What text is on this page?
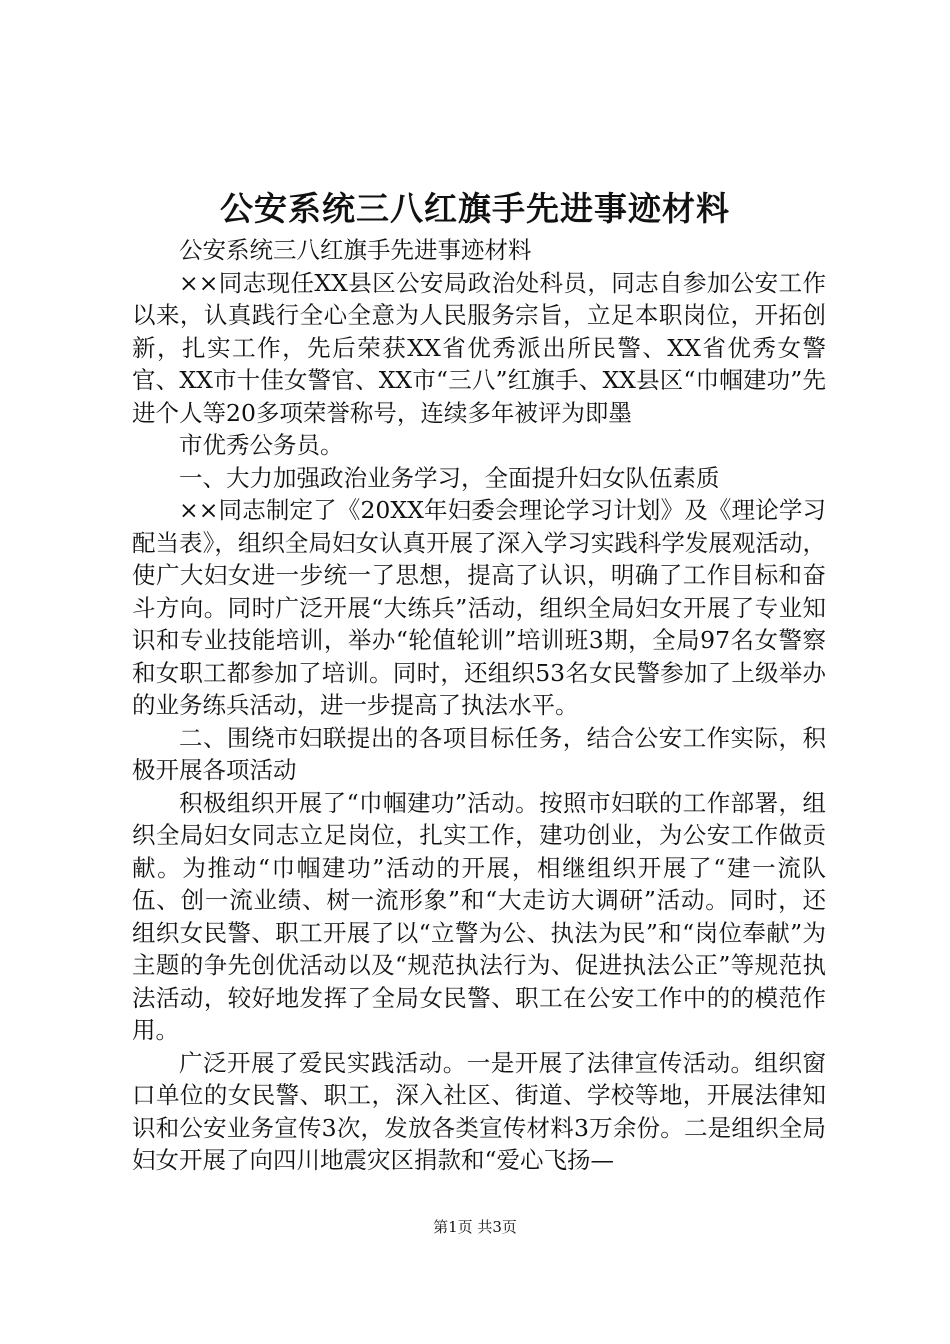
公安系统三八红旗手先进事迹材料

公安系统三八红旗手先进事迹材料

××同志现任XX县区公安局政治处科员，同志自参加公安工作以来，认真践行全心全意为人民服务宗旨，立足本职岗位，开拓创新，扎实工作，先后荣获XX省优秀派出所民警、XX省优秀女警官、XX市十佳女警官、XX市“三八”红旗手、XX县区“巾帼建功”先进个人等20多项荣誉称号，连续多年被评为即墨

市优秀公务员。

一、大力加强政治业务学习，全面提升妇女队伍素质

××同志制定了《20XX年妇委会理论学习计划》及《理论学习配当表》，组织全局妇女认真开展了深入学习实践科学发展观活动，使广大妇女进一步统一了思想，提高了认识，明确了工作目标和奋斗方向。同时广泛开展“大练兵”活动，组织全局妇女开展了专业知识和专业技能培训，举办“轮值轮训”培训班3期，全局97名女警察和女职工都参加了培训。同时，还组织53名女民警参加了上级举办的业务练兵活动，进一步提高了执法水平。

二、围绕市妇联提出的各项目标任务，结合公安工作实际，积极开展各项活动

积极组织开展了“巾帼建功”活动。按照市妇联的工作部署，组织全局妇女同志立足岗位，扎实工作，建功创业，为公安工作做贡献。为推动“巾帼建功”活动的开展，相继组织开展了“建一流队伍、创一流业绩、树一流形象”和“大走访大调研”活动。同时，还组织女民警、职工开展了以“立警为公、执法为民”和“岗位奉献”为主题的争先创优活动以及“规范执法行为、促进执法公正”等规范执法活动，较好地发挥了全局女民警、职工在公安工作中的的模范作用。

广泛开展了爱民实践活动。一是开展了法律宣传活动。组织窗口单位的女民警、职工，深入社区、街道、学校等地，开展法律知识和公安业务宣传3次，发放各类宣传材料3万余份。二是组织全局妇女开展了向四川地震灾区捐款和“爱心飞扬—

第1页 共3页
